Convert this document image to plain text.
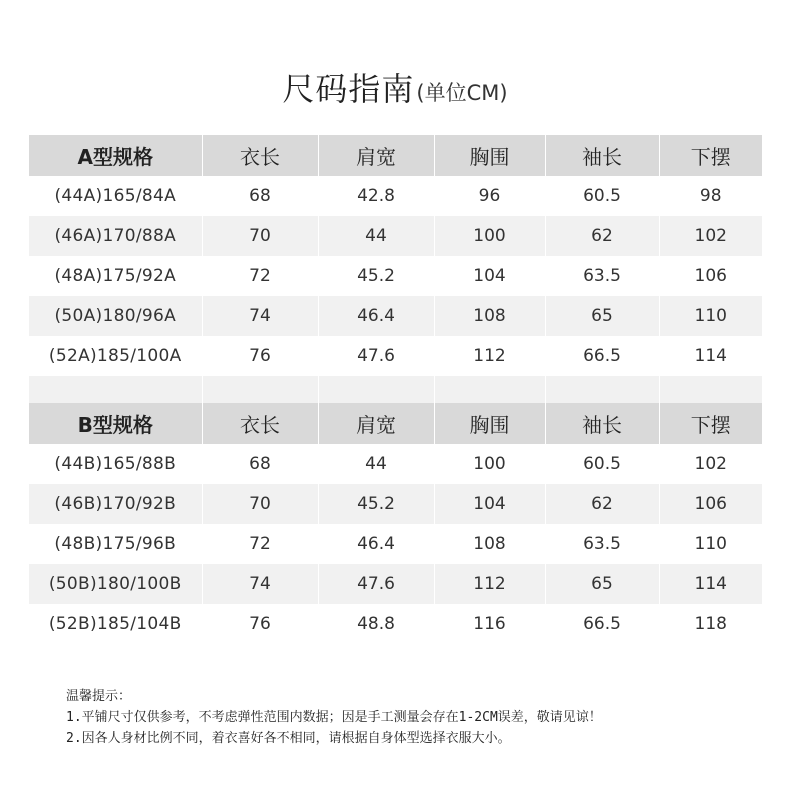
尺码指南(单位CM)
A型规格	衣长	肩宽	胸围	袖长	下摆
(44A)165/84A	68	42.8	96	60.5	98
(46A)170/88A	70	44	100	62	102
(48A)175/92A	72	45.2	104	63.5	106
(50A)180/96A	74	46.4	108	65	110
(52A)185/100A	76	47.6	112	66.5	114

B型规格	衣长	肩宽	胸围	袖长	下摆
(44B)165/88B	68	44	100	60.5	102
(46B)170/92B	70	45.2	104	62	106
(48B)175/96B	72	46.4	108	63.5	110
(50B)180/100B	74	47.6	112	65	114
(52B)185/104B	76	48.8	116	66.5	118
温馨提示：
1.平铺尺寸仅供参考，不考虑弹性范围内数据；因是手工测量会存在1-2CM误差，敬请见谅！
2.因各人身材比例不同，着衣喜好各不相同，请根据自身体型选择衣服大小。
